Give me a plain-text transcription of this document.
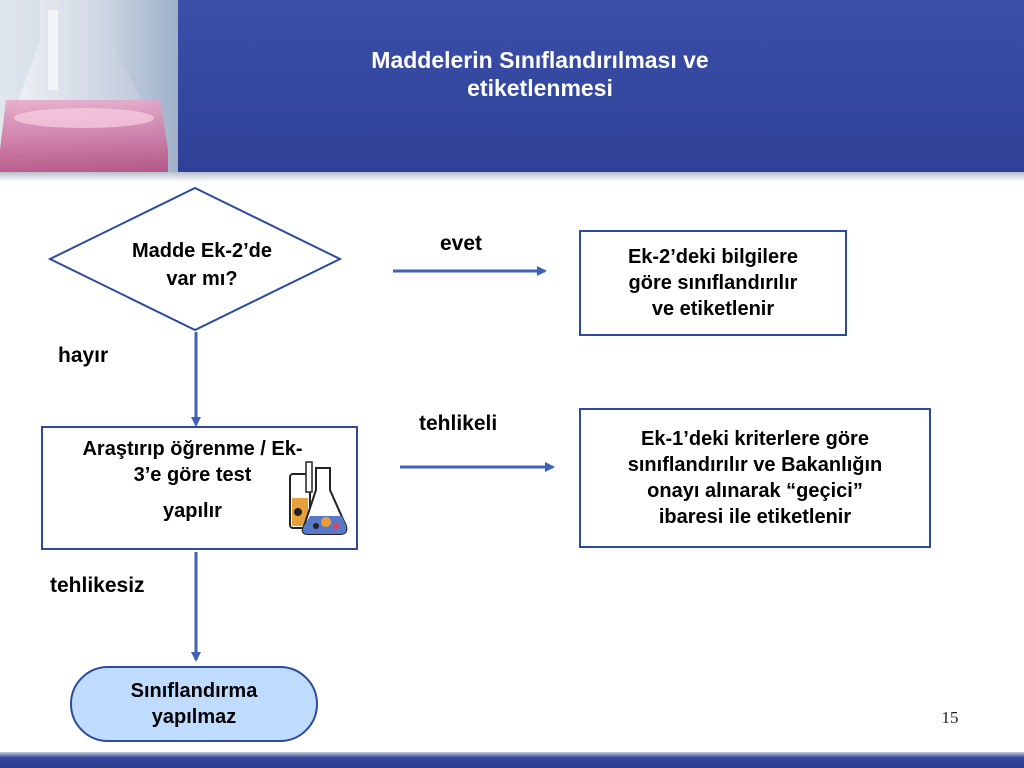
Maddelerin Sınıflandırılması ve
etiketlenmesi
Madde Ek-2’de
var mı?
evet
hayır
tehlikeli
tehlikesiz
Ek-2’deki bilgilere
göre sınıflandırılır
ve etiketlenir
Araştırıp öğrenme / Ek-
3’e göre test
yapılır
Ek-1’deki kriterlere göre
sınıflandırılır ve Bakanlığın
onayı alınarak “geçici”
ibaresi ile etiketlenir
Sınıflandırma
yapılmaz	15
